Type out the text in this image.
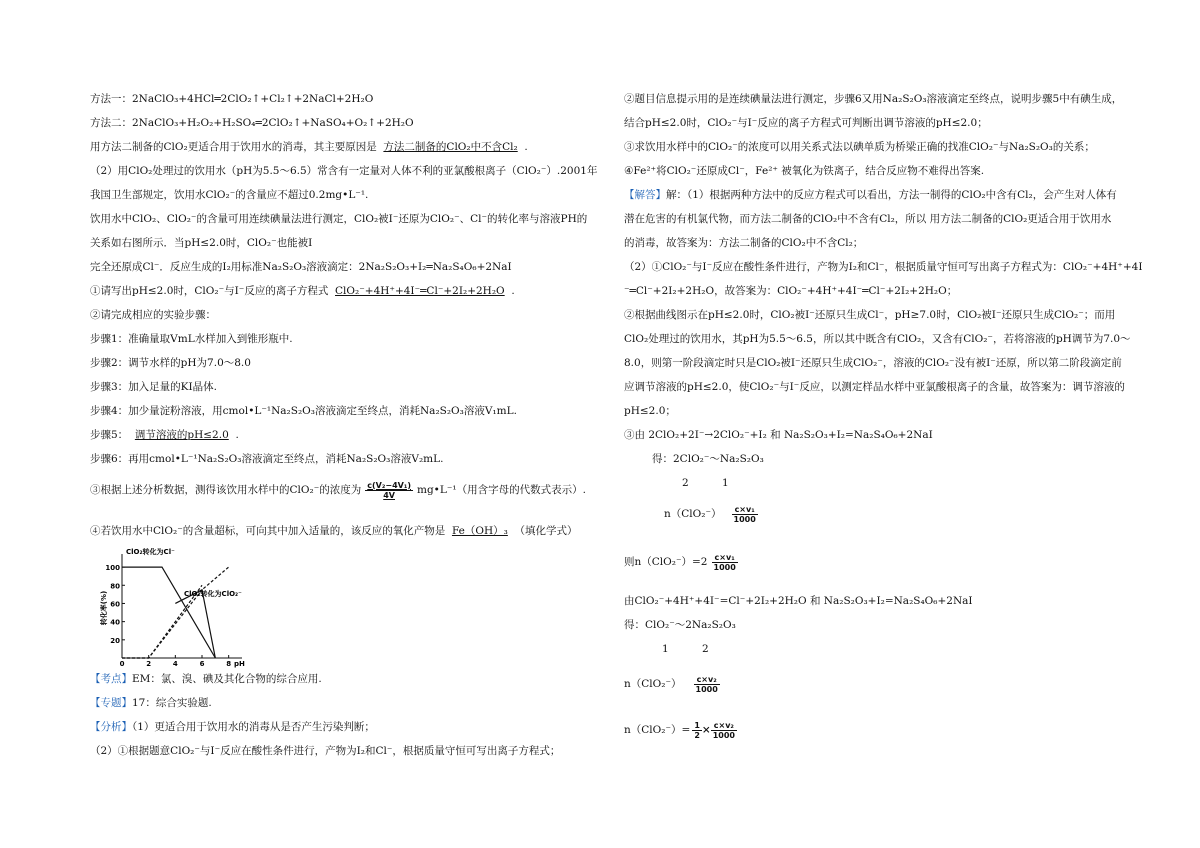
方法一：2NaClO₃+4HCl═2ClO₂↑+Cl₂↑+2NaCl+2H₂O
方法二：2NaClO₃+H₂O₂+H₂SO₄═2ClO₂↑+NaSO₄+O₂↑+2H₂O
用方法二制备的ClO₂更适合用于饮用水的消毒，其主要原因是 方法二制备的ClO₂中不含Cl₂ .
（2）用ClO₂处理过的饮用水（pH为5.5～6.5）常含有一定量对人体不利的亚氯酸根离子（ClO₂⁻）.2001年
我国卫生部规定，饮用水ClO₂⁻的含量应不超过0.2mg•L⁻¹.
饮用水中ClO₂、ClO₂⁻的含量可用连续碘量法进行测定，ClO₂被I⁻还原为ClO₂⁻、Cl⁻的转化率与溶液PH的
关系如右图所示．当pH≤2.0时，ClO₂⁻也能被I
完全还原成Cl⁻．反应生成的I₂用标准Na₂S₂O₃溶液滴定：2Na₂S₂O₃+I₂═Na₂S₄O₆+2NaI
①请写出pH≤2.0时，ClO₂⁻与I⁻反应的离子方程式 ClO₂⁻+4H⁺+4I⁻═Cl⁻+2I₂+2H₂O .
②请完成相应的实验步骤：
步骤1：准确量取VmL水样加入到锥形瓶中.
步骤2：调节水样的pH为7.0～8.0
步骤3：加入足量的KI晶体.
步骤4：加少量淀粉溶液，用cmol•L⁻¹Na₂S₂O₃溶液滴定至终点，消耗Na₂S₂O₃溶液V₁mL.
步骤5： 调节溶液的pH≤2.0 .
步骤6：再用cmol•L⁻¹Na₂S₂O₃溶液滴定至终点，消耗Na₂S₂O₃溶液V₂mL.
③根据上述分析数据，测得该饮用水样中的ClO₂⁻的浓度为 $\frac{\text{c(V₂−4V₁)}}{4V}$ mg•L⁻¹（用含字母的代数式表示）.
④若饮用水中ClO₂⁻的含量超标，可向其中加入适量的，该反应的氧化产物是 Fe（OH）₃ （填化学式）
【考点】EM：氯、溴、碘及其化合物的综合应用.
【专题】17：综合实验题.
【分析】（1）更适合用于饮用水的消毒从是否产生污染判断；
（2）①根据题意ClO₂⁻与I⁻反应在酸性条件进行，产物为I₂和Cl⁻，根据质量守恒可写出离子方程式；
100
80
60
40
20
0	2	4	6	8 pH
转化率(%)
ClO₂转化为Cl⁻
ClO₂转化为ClO₂⁻
②题目信息提示用的是连续碘量法进行测定，步骤6又用Na₂S₂O₃溶液滴定至终点，说明步骤5中有碘生成，
结合pH≤2.0时，ClO₂⁻与I⁻反应的离子方程式可判断出调节溶液的pH≤2.0；
③求饮用水样中的ClO₂⁻的浓度可以用关系式法以碘单质为桥梁正确的找准ClO₂⁻与Na₂S₂O₃的关系；
④Fe²⁺将ClO₂⁻还原成Cl⁻，Fe²⁺ 被氧化为铁离子，结合反应物不难得出答案.
【解答】解：（1）根据两种方法中的反应方程式可以看出，方法一制得的ClO₂中含有Cl₂，会产生对人体有
潜在危害的有机氯代物，而方法二制备的ClO₂中不含有Cl₂，所以 用方法二制备的ClO₂更适合用于饮用水
的消毒，故答案为：方法二制备的ClO₂中不含Cl₂；
（2）①ClO₂⁻与I⁻反应在酸性条件进行，产物为I₂和Cl⁻，根据质量守恒可写出离子方程式为：ClO₂⁻+4H⁺+4I
⁻═Cl⁻+2I₂+2H₂O，故答案为：ClO₂⁻+4H⁺+4I⁻═Cl⁻+2I₂+2H₂O；
②根据曲线图示在pH≤2.0时，ClO₂被I⁻还原只生成Cl⁻，pH≥7.0时，ClO₂被I⁻还原只生成ClO₂⁻；而用
ClO₂处理过的饮用水，其pH为5.5～6.5，所以其中既含有ClO₂，又含有ClO₂⁻，若将溶液的pH调节为7.0～
8.0，则第一阶段滴定时只是ClO₂被I⁻还原只生成ClO₂⁻，溶液的ClO₂⁻没有被I⁻还原，所以第二阶段滴定前
应调节溶液的pH≤2.0，使ClO₂⁻与I⁻反应，以测定样品水样中亚氯酸根离子的含量，故答案为：调节溶液的
pH≤2.0；
③由 2ClO₂+2I⁻→2ClO₂⁻+I₂ 和 Na₂S₂O₃+I₂=Na₂S₄O₆+2NaI
得：2ClO₂⁻～Na₂S₂O₃
2          1
$n(ClO_2^-) \frac{\text{c×v₁}}{1000}$
则$n(ClO_2^-)=2 \frac{\text{c×v₁}}{1000}$
由ClO₂⁻+4H⁺+4I⁻=Cl⁻+2I₂+2H₂O 和 Na₂S₂O₃+I₂=Na₂S₄O₆+2NaI
得：ClO₂⁻～2Na₂S₂O₃
1          2
$n(ClO_2^-) \frac{\text{c×v₂}}{1000}$
$n(ClO_2^-)= \frac{1}{2} \times \frac{\text{c×v₂}}{1000}$
